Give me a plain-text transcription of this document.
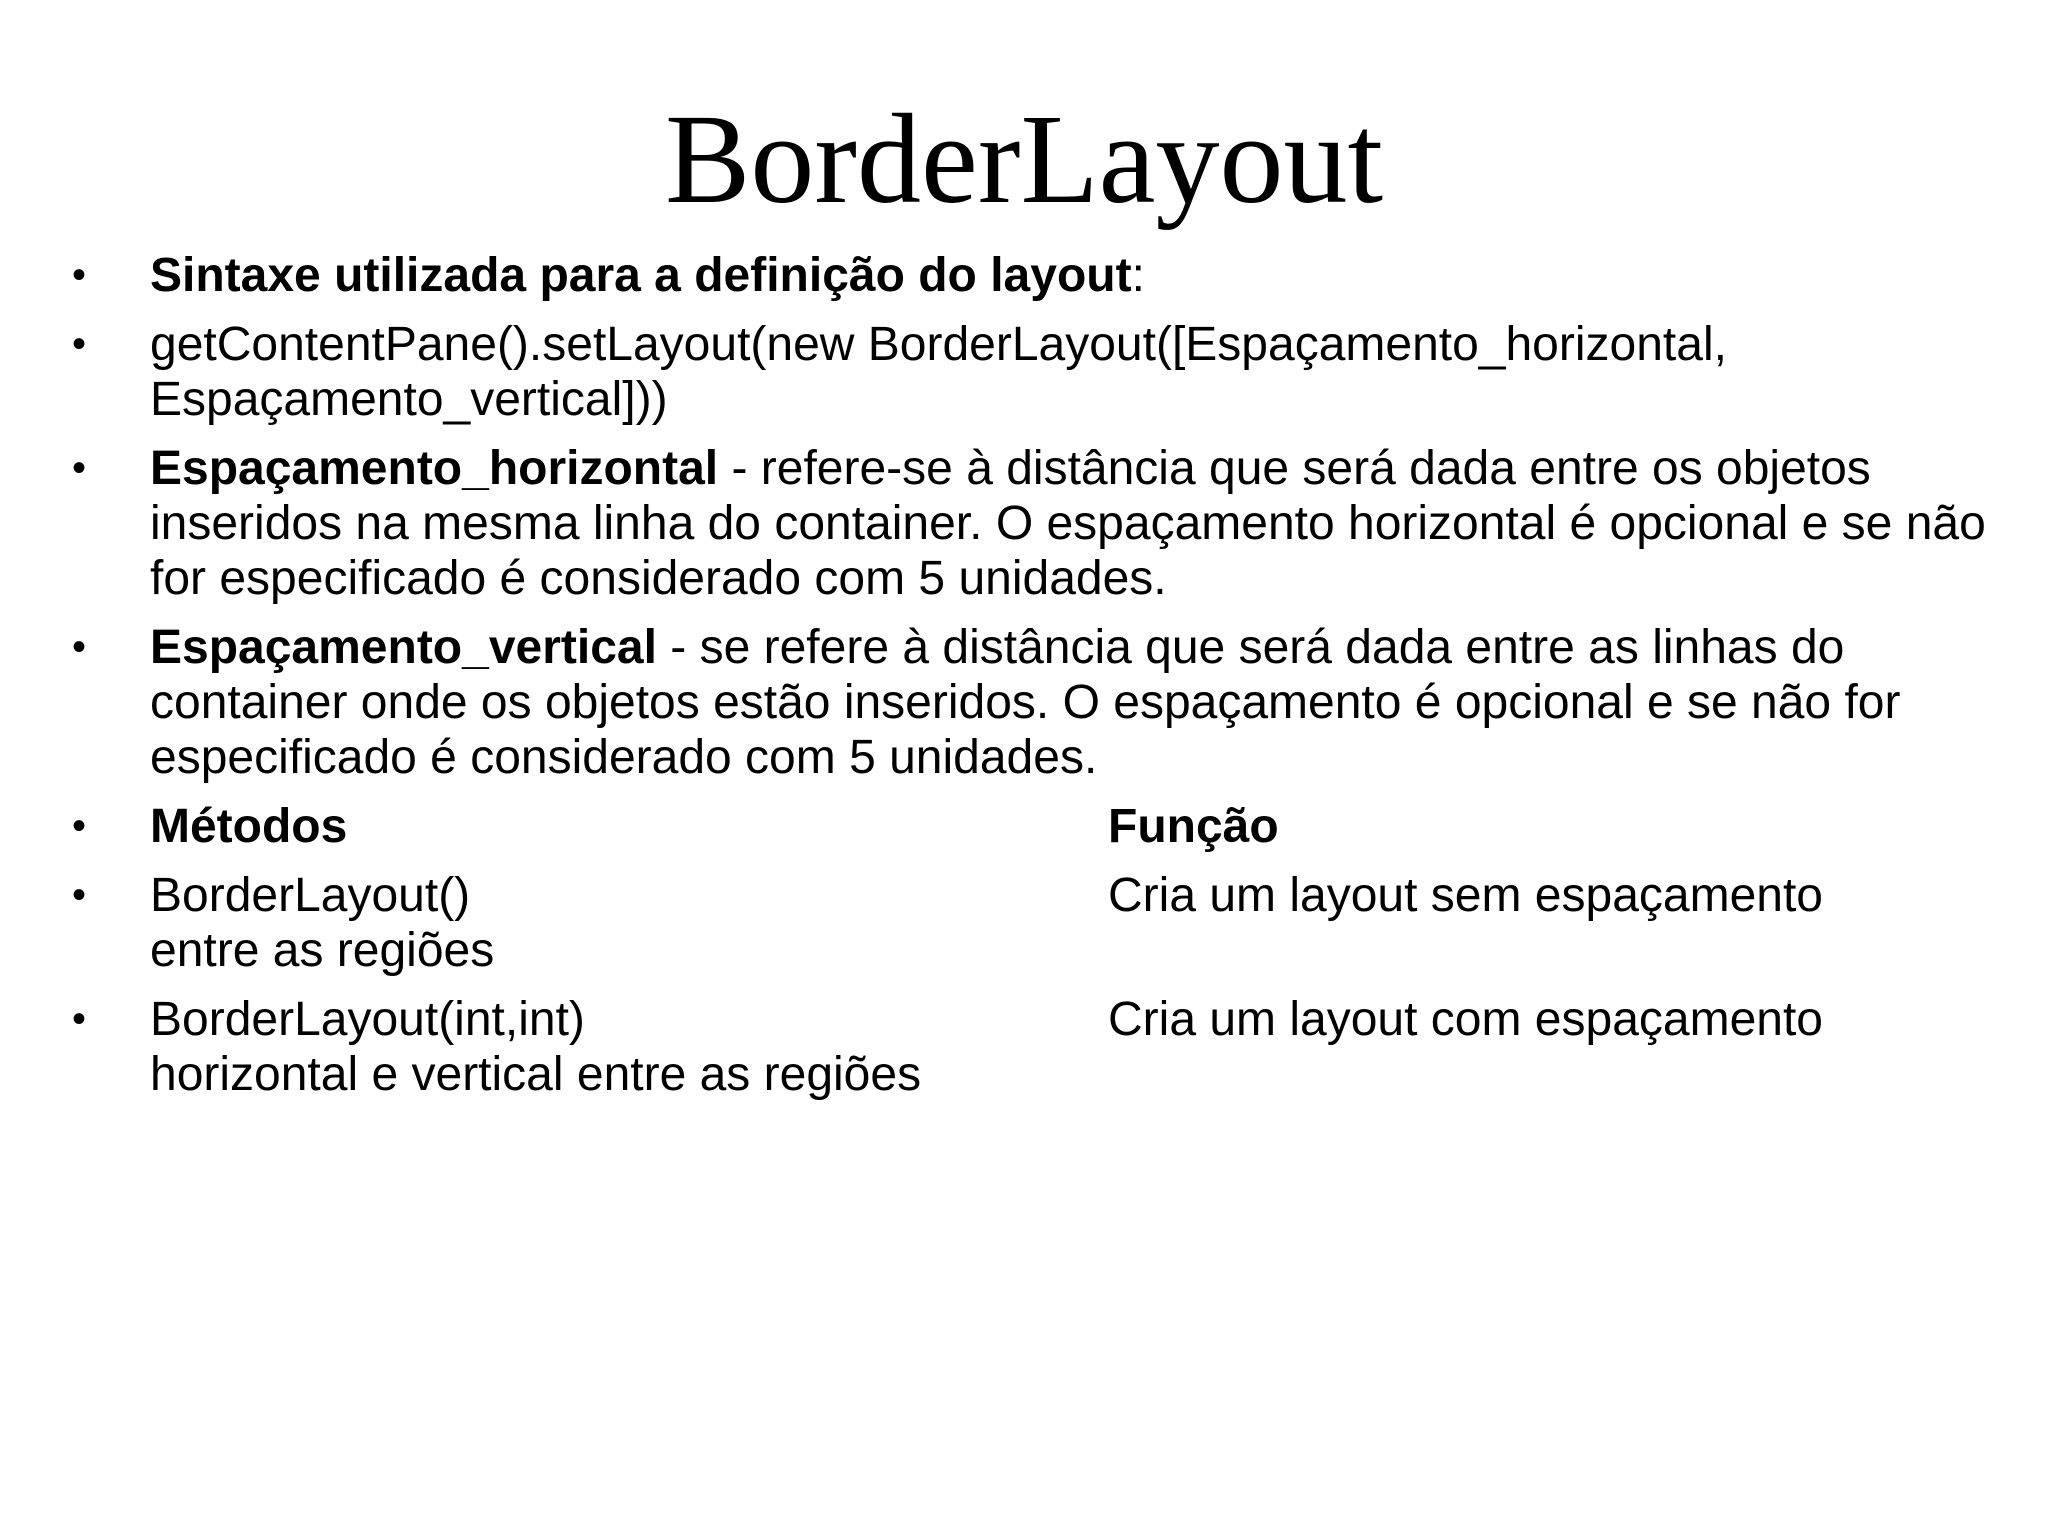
BorderLayout
•	Sintaxe utilizada para a definição do layout:
•	getContentPane().setLayout(new BorderLayout([Espaçamento_horizontal, Espaçamento_vertical]))
•	Espaçamento_horizontal - refere-se à distância que será dada entre os objetos inseridos na mesma linha do container. O espaçamento horizontal é opcional e se não for especificado é considerado com 5 unidades.
•	Espaçamento_vertical - se refere à distância que será dada entre as linhas do container onde os objetos estão inseridos. O espaçamento é opcional e se não for especificado é considerado com 5 unidades.
•	Métodos	Função
•	BorderLayout()	Cria um layout sem espaçamento
entre as regiões
•	BorderLayout(int,int)	Cria um layout com espaçamento
horizontal e vertical entre as regiões
